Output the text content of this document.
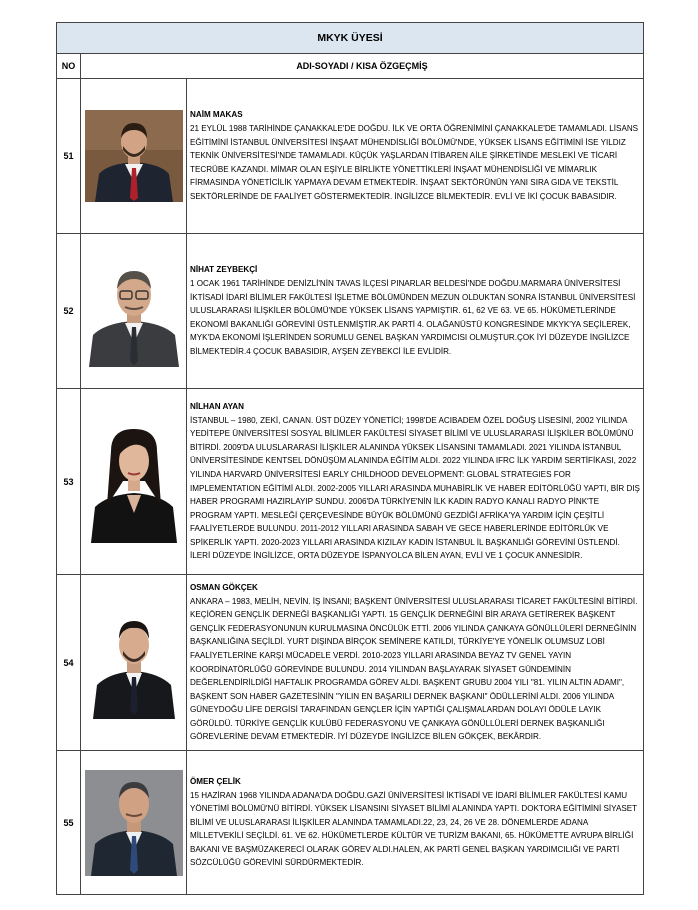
MKYK ÜYESİ		
NO	ADI-SOYADI / KISA ÖZGEÇMİŞ	
51		NAİM MAKAS
21 EYLÜL 1988 TARİHİNDE ÇANAKKALE'DE DOĞDU. İLK VE ORTA ÖĞRENİMİNİ ÇANAKKALE'DE TAMAMLADI. LİSANS EĞİTİMİNİ İSTANBUL ÜNİVERSİTESİ İNŞAAT MÜHENDİSLİĞİ BÖLÜMÜ'NDE, YÜKSEK LİSANS EĞİTİMİNİ İSE YILDIZ TEKNİK ÜNİVERSİTESİ'NDE TAMAMLADI. KÜÇÜK YAŞLARDAN İTİBAREN AİLE ŞİRKETİNDE MESLEKİ VE TİCARİ TECRÜBE KAZANDI. MİMAR OLAN EŞİYLE BİRLİKTE YÖNETTİKLERİ İNŞAAT MÜHENDİSLİĞİ VE MİMARLIK FİRMASINDA YÖNETİCİLİK YAPMAYA DEVAM ETMEKTEDİR. İNŞAAT SEKTÖRÜNÜN YANI SIRA GIDA VE TEKSTİL SEKTÖRLERİNDE DE FAALİYET GÖSTERMEKTEDİR. İNGİLİZCE BİLMEKTEDİR. EVLİ VE İKİ ÇOCUK BABASIDIR.

52		NİHAT ZEYBEKÇİ
1 OCAK 1961 TARİHİNDE DENİZLİ'NİN TAVAS İLÇESİ PINARLAR BELDESİ'NDE DOĞDU.MARMARA ÜNİVERSİTESİ İKTİSADİ İDARİ BİLİMLER FAKÜLTESİ İŞLETME BÖLÜMÜNDEN MEZUN OLDUKTAN SONRA İSTANBUL ÜNİVERSİTESİ ULUSLARARASI İLİŞKİLER BÖLÜMÜ'NDE YÜKSEK LİSANS YAPMIŞTIR. 61, 62 VE 63. VE 65. HÜKÜMETLERİNDE EKONOMİ BAKANLIĞI GÖREVİNİ ÜSTLENMİŞTİR.AK PARTİ 4. OLAĞANÜSTÜ KONGRESİNDE MKYK'YA SEÇİLEREK, MYK'DA EKONOMİ İŞLERİNDEN SORUMLU GENEL BAŞKAN YARDIMCISI OLMUŞTUR.ÇOK İYİ DÜZEYDE İNGİLİZCE BİLMEKTEDİR.4 ÇOCUK BABASIDIR, AYŞEN ZEYBEKCİ İLE EVLİDİR.

53		NİLHAN AYAN
İSTANBUL – 1980, ZEKİ, CANAN. ÜST DÜZEY YÖNETİCİ; 1998'DE ACIBADEM ÖZEL DOĞUŞ LİSESİNİ, 2002 YILINDA YEDİTEPE ÜNİVERSİTESİ SOSYAL BİLİMLER FAKÜLTESİ SİYASET BİLİMİ VE ULUSLARARASI İLİŞKİLER BÖLÜMÜNÜ BİTİRDİ. 2009'DA ULUSLARARASI İLİŞKİLER ALANINDA YÜKSEK LİSANSINI TAMAMLADI. 2021 YILINDA İSTANBUL ÜNİVERSİTESİNDE KENTSEL DÖNÜŞÜM ALANINDA EĞİTİM ALDI. 2022 YILINDA IFRC İLK YARDIM SERTİFİKASI, 2022 YILINDA HARVARD ÜNİVERSİTESİ EARLY CHILDHOOD DEVELOPMENT: GLOBAL STRATEGIES FOR IMPLEMENTATION EĞİTİMİ ALDI. 2002-2005 YILLARI ARASINDA MUHABİRLİK VE HABER EDİTÖRLÜĞÜ YAPTI, BİR DIŞ HABER PROGRAMI HAZIRLAYIP SUNDU. 2006'DA TÜRKİYE'NİN İLK KADIN RADYO KANALI RADYO PİNK'TE PROGRAM YAPTI. MESLEĞİ ÇERÇEVESİNDE BÜYÜK BÖLÜMÜNÜ GEZDİĞİ AFRİKA'YA YARDIM İÇİN ÇEŞİTLİ FAALİYETLERDE BULUNDU. 2011-2012 YILLARI ARASINDA SABAH VE GECE HABERLERİNDE EDİTÖRLÜK VE SPİKERLİK YAPTI. 2020-2023 YILLARI ARASINDA KIZILAY KADIN İSTANBUL İL BAŞKANLIĞI GÖREVİNİ ÜSTLENDİ. İLERİ DÜZEYDE İNGİLİZCE, ORTA DÜZEYDE İSPANYOLCA BİLEN AYAN, EVLİ VE 1 ÇOCUK ANNESİDİR.

54		OSMAN GÖKÇEK
ANKARA – 1983, MELİH, NEVİN. İŞ İNSANI; BAŞKENT ÜNİVERSİTESİ ULUSLARARASI TİCARET FAKÜLTESİNİ BİTİRDİ. KEÇİÖREN GENÇLİK DERNEĞİ BAŞKANLIĞI YAPTI. 15 GENÇLİK DERNEĞİNİ BİR ARAYA GETİREREK BAŞKENT GENÇLİK FEDERASYONUNUN KURULMASINA ÖNCÜLÜK ETTİ. 2006 YILINDA ÇANKAYA GÖNÜLLÜLERİ DERNEĞİNİN BAŞKANLIĞINA SEÇİLDİ. YURT DIŞINDA BİRÇOK SEMİNERE KATILDI, TÜRKİYE'YE YÖNELİK OLUMSUZ LOBİ FAALİYETLERİNE KARŞI MÜCADELE VERDİ. 2010-2023 YILLARI ARASINDA BEYAZ TV GENEL YAYIN KOORDİNATÖRLÜĞÜ GÖREVİNDE BULUNDU. 2014 YILINDAN BAŞLAYARAK SİYASET GÜNDEMİNİN DEĞERLENDİRİLDİĞİ HAFTALIK PROGRAMDA GÖREV ALDI. BAŞKENT GRUBU 2004 YILI "81. YILIN ALTIN ADAMI", BAŞKENT SON HABER GAZETESİNİN "YILIN EN BAŞARILI DERNEK BAŞKANI" ÖDÜLLERİNİ ALDI. 2006 YILINDA GÜNEYDOĞU LİFE DERGİSİ TARAFINDAN GENÇLER İÇİN YAPTIĞI ÇALIŞMALARDAN DOLAYI ÖDÜLE LAYIK GÖRÜLDÜ. TÜRKİYE GENÇLİK KULÜBÜ FEDERASYONU VE ÇANKAYA GÖNÜLLÜLERİ DERNEK BAŞKANLIĞI GÖREVLERİNE DEVAM ETMEKTEDİR. İYİ DÜZEYDE İNGİLİZCE BİLEN GÖKÇEK, BEKÂRDIR.

55		ÖMER ÇELİK
15 HAZİRAN 1968 YILINDA ADANA'DA DOĞDU.GAZİ ÜNİVERSİTESİ İKTİSADİ VE İDARİ BİLİMLER FAKÜLTESİ KAMU YÖNETİMİ BÖLÜMÜ'NÜ BİTİRDİ. YÜKSEK LİSANSINI SİYASET BİLİMİ ALANINDA YAPTI. DOKTORA EĞİTİMİNİ SİYASET BİLİMİ VE ULUSLARARASI İLİŞKİLER ALANINDA TAMAMLADI.22, 23, 24, 26 VE 28. DÖNEMLERDE ADANA MİLLETVEKİLİ SEÇİLDİ. 61. VE 62. HÜKÜMETLERDE KÜLTÜR VE TURİZM BAKANI, 65. HÜKÜMETTE AVRUPA BİRLİĞİ BAKANI VE BAŞMÜZAKERECİ OLARAK GÖREV ALDI.HALEN, AK PARTİ GENEL BAŞKAN YARDIMCILIĞI VE PARTİ SÖZCÜLÜĞÜ GÖREVİNİ SÜRDÜRMEKTEDİR.
